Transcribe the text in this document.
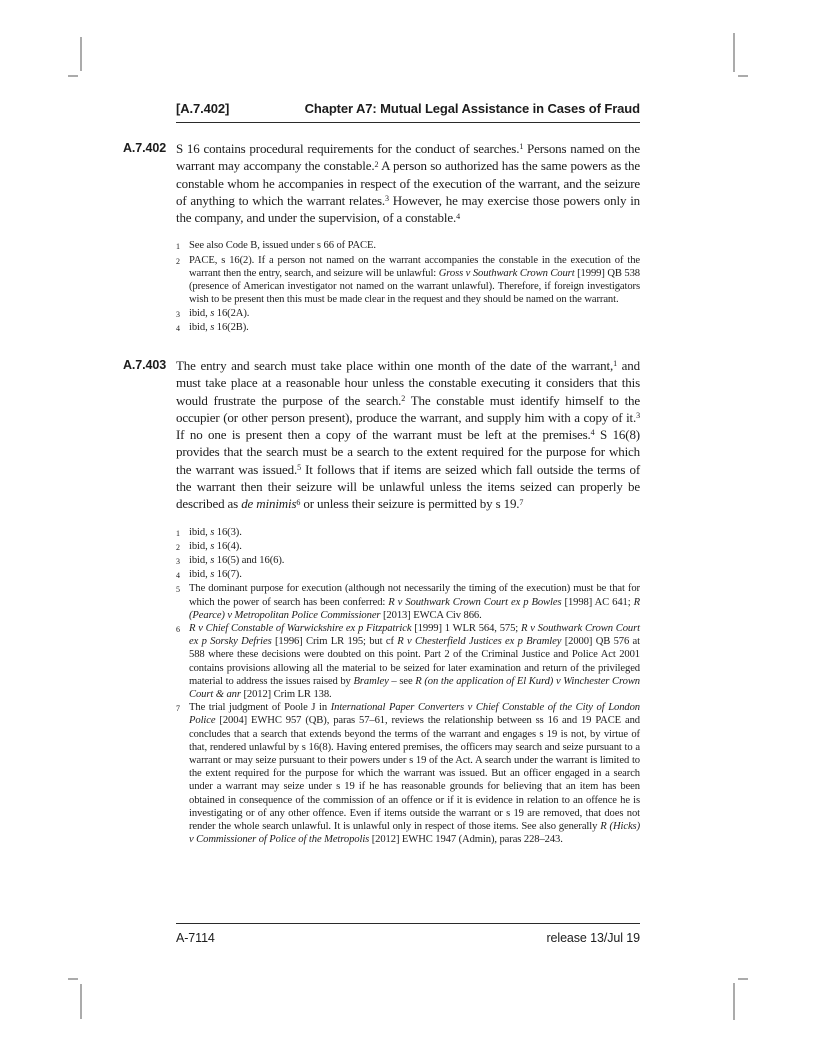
[A.7.402]	Chapter A7: Mutual Legal Assistance in Cases of Fraud
A.7.402 S 16 contains procedural requirements for the conduct of searches.$^1$ Persons named on the warrant may accompany the constable.$^2$ A person so authorized has the same powers as the constable whom he accompanies in respect of the execution of the warrant, and the seizure of anything to which the warrant relates.$^3$ However, he may exercise those powers only in the company, and under the supervision, of a constable.$^4$
1 See also Code B, issued under s 66 of PACE.
2 PACE, s 16(2). If a person not named on the warrant accompanies the constable in the execution of the warrant then the entry, search, and seizure will be unlawful: Gross v Southwark Crown Court [1999] QB 538 (presence of American investigator not named on the warrant unlawful). Therefore, if foreign investigators wish to be present then this must be made clear in the request and they should be named on the warrant.
3 ibid, s 16(2A).
4 ibid, s 16(2B).
A.7.403 The entry and search must take place within one month of the date of the warrant,$^1$ and must take place at a reasonable hour unless the constable executing it considers that this would frustrate the purpose of the search.$^2$ The constable must identify himself to the occupier (or other person present), produce the warrant, and supply him with a copy of it.$^3$ If no one is present then a copy of the warrant must be left at the premises.$^4$ S 16(8) provides that the search must be a search to the extent required for the purpose for which the warrant was issued.$^5$ It follows that if items are seized which fall outside the terms of the warrant then their seizure will be unlawful unless the items seized can properly be described as de minimis$^6$ or unless their seizure is permitted by s 19.$^7$
1 ibid, s 16(3).
2 ibid, s 16(4).
3 ibid, s 16(5) and 16(6).
4 ibid, s 16(7).
5 The dominant purpose for execution (although not necessarily the timing of the execution) must be that for which the power of search has been conferred: R v Southwark Crown Court ex p Bowles [1998] AC 641; R (Pearce) v Metropolitan Police Commissioner [2013] EWCA Civ 866.
6 R v Chief Constable of Warwickshire ex p Fitzpatrick [1999] 1 WLR 564, 575; R v Southwark Crown Court ex p Sorsky Defries [1996] Crim LR 195; but cf R v Chesterfield Justices ex p Bramley [2000] QB 576 at 588 where these decisions were doubted on this point. Part 2 of the Criminal Justice and Police Act 2001 contains provisions allowing all the material to be seized for later examination and return of the privileged material to address the issues raised by Bramley – see R (on the application of El Kurd) v Winchester Crown Court & anr [2012] Crim LR 138.
7 The trial judgment of Poole J in International Paper Converters v Chief Constable of the City of London Police [2004] EWHC 957 (QB), paras 57–61, reviews the relationship between ss 16 and 19 PACE and concludes that a search that extends beyond the terms of the warrant and engages s 19 is not, by virtue of that, rendered unlawful by s 16(8). Having entered premises, the officers may search and seize pursuant to a warrant or may seize pursuant to their powers under s 19 of the Act. A search under the warrant is limited to the extent required for the purpose for which the warrant was issued. But an officer engaged in a search under a warrant may seize under s 19 if he has reasonable grounds for believing that an item has been obtained in consequence of the commission of an offence or if it is evidence in relation to an offence he is investigating or of any other offence. Even if items outside the warrant or s 19 are removed, that does not render the whole search unlawful. It is unlawful only in respect of those items. See also generally R (Hicks) v Commissioner of Police of the Metropolis [2012] EWHC 1947 (Admin), paras 228–243.
A-7114	release 13/Jul 19
